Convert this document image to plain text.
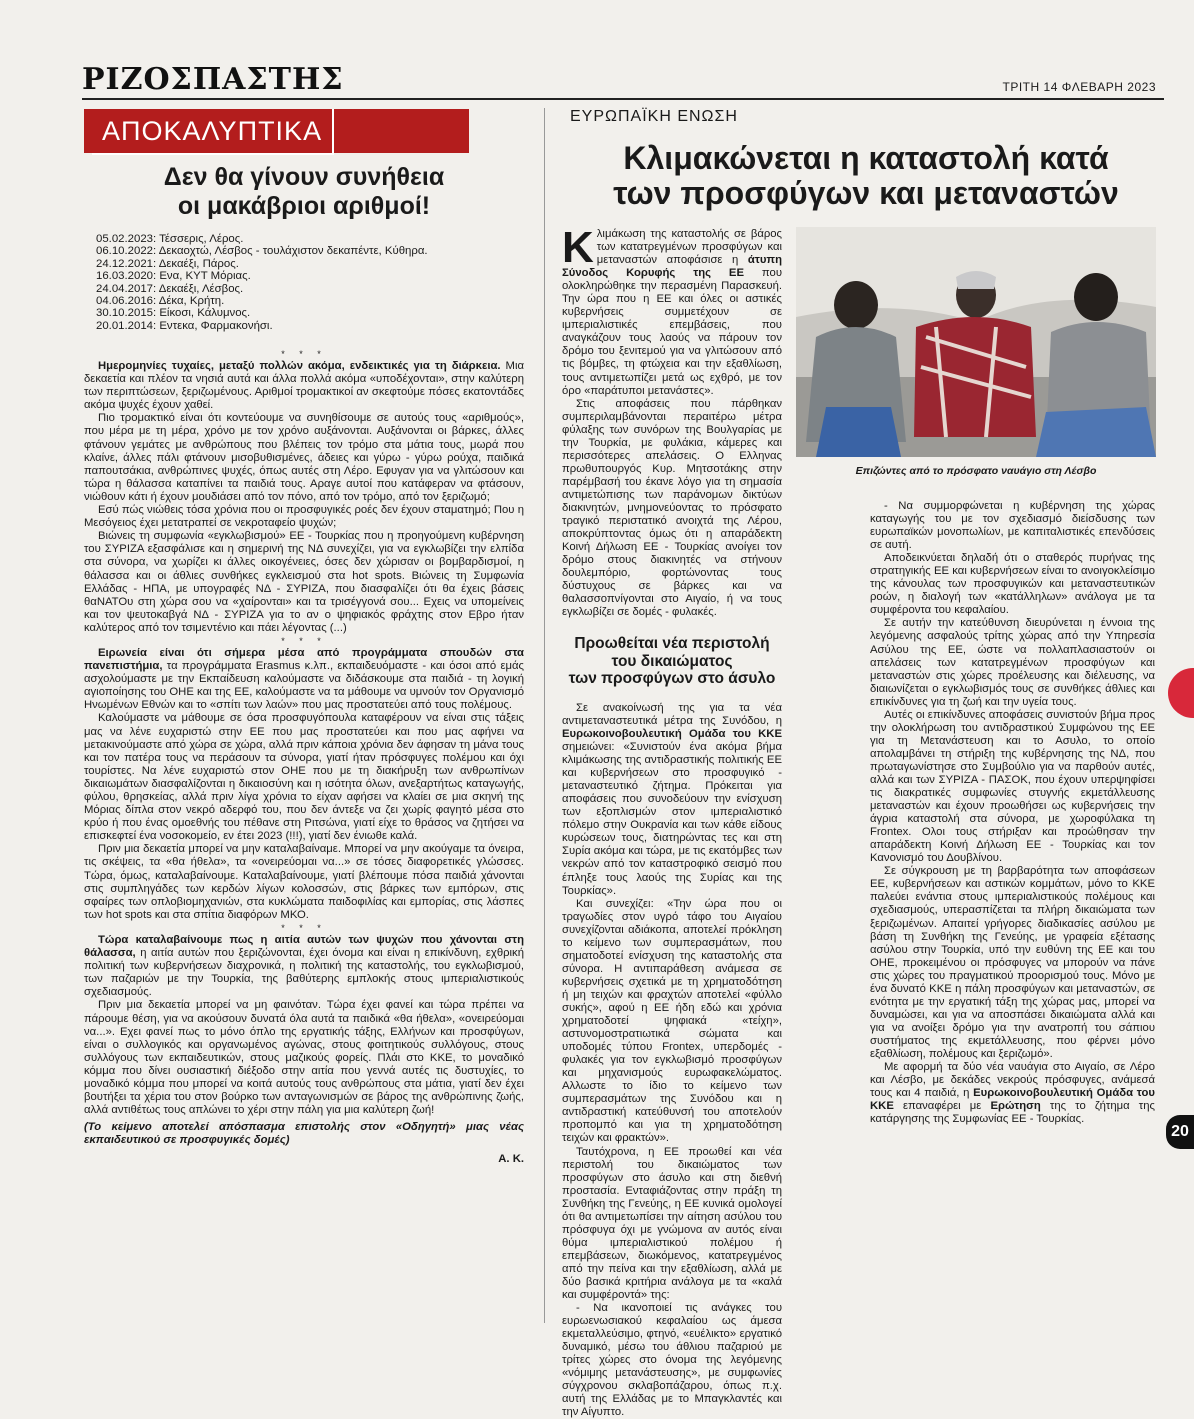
ΡΙΖΟΣΠΑΣΤΗΣ	ΤΡΙΤΗ 14 ΦΛΕΒΑΡΗ 2023
ΑΠΟΚΑΛΥΠΤΙΚΑ
Δεν θα γίνουν συνήθεια
οι μακάβριοι αριθμοί!
05.02.2023: Τέσσερις, Λέρος.
06.10.2022: Δεκαοχτώ, Λέσβος - τουλάχιστον δεκαπέντε, Κύθηρα.
24.12.2021: Δεκαέξι, Πάρος.
16.03.2020: Ενα, ΚΥΤ Μόριας.
24.04.2017: Δεκαέξι, Λέσβος.
04.06.2016: Δέκα, Κρήτη.
30.10.2015: Είκοσι, Κάλυμνος.
20.01.2014: Εντεκα, Φαρμακονήσι.
* * *

Ημερομηνίες τυχαίες, μεταξύ πολλών ακόμα, ενδεικτικές για τη διάρκεια. Μια δεκαετία και πλέον τα νησιά αυτά και άλλα πολλά ακόμα «υποδέχονται», στην καλύτερη των περιπτώσεων, ξεριζωμένους. Αριθμοί τρομακτικοί αν σκεφτούμε πόσες εκατοντάδες ακόμα ψυχές έχουν χαθεί.

Πιο τρομακτικό είναι ότι κοντεύουμε να συνηθίσουμε σε αυτούς τους «αριθμούς», που μέρα με τη μέρα, χρόνο με τον χρόνο αυξάνονται. Αυξάνονται οι βάρκες, άλλες φτάνουν γεμάτες με ανθρώπους που βλέπεις τον τρόμο στα μάτια τους, μωρά που κλαίνε, άλλες πάλι φτάνουν μισοβυθισμένες, άδειες και γύρω - γύρω ρούχα, παιδικά παπουτσάκια, ανθρώπινες ψυχές, όπως αυτές στη Λέρο. Εφυγαν για να γλιτώσουν και τώρα η θάλασσα καταπίνει τα παιδιά τους. Αραγε αυτοί που κατάφεραν να φτάσουν, νιώθουν κάτι ή έχουν μουδιάσει από τον πόνο, από τον τρόμο, από τον ξεριζωμό;

Εσύ πώς νιώθεις τόσα χρόνια που οι προσφυγικές ροές δεν έχουν σταματημό; Που η Μεσόγειος έχει μετατραπεί σε νεκροταφείο ψυχών;

Βιώνεις τη συμφωνία «εγκλωβισμού» ΕΕ - Τουρκίας που η προηγούμενη κυβέρνηση του ΣΥΡΙΖΑ εξασφάλισε και η σημερινή της ΝΔ συνεχίζει, για να εγκλωβίζει την ελπίδα στα σύνορα, να χωρίζει κι άλλες οικογένειες, όσες δεν χώρισαν οι βομβαρδισμοί, η θάλασσα και οι άθλιες συνθήκες εγκλεισμού στα hot spots. Βιώνεις τη Συμφωνία Ελλάδας - ΗΠΑ, με υπογραφές ΝΔ - ΣΥΡΙΖΑ, που διασφαλίζει ότι θα έχεις βάσεις θαΝΑΤΟυ στη χώρα σου να «χαίρονται» και τα τρισέγγονά σου... Εχεις να υπομείνεις και τον ψευτοκαβγά ΝΔ - ΣΥΡΙΖΑ για το αν ο ψηφιακός φράχτης στον Εβρο ήταν καλύτερος από τον τσιμεντένιο και πάει λέγοντας (...)

* * *

Ειρωνεία είναι ότι σήμερα μέσα από προγράμματα σπουδών στα πανεπιστήμια, τα προγράμματα Erasmus κ.λπ., εκπαιδευόμαστε - και όσοι από εμάς ασχολούμαστε με την Εκπαίδευση καλούμαστε να διδάσκουμε στα παιδιά - τη λογική αγιοποίησης του ΟΗΕ και της ΕΕ, καλούμαστε να τα μάθουμε να υμνούν τον Οργανισμό Ηνωμένων Εθνών και το «σπίτι των λαών» που μας προστατεύει από τους πολέμους.

Καλούμαστε να μάθουμε σε όσα προσφυγόπουλα καταφέρουν να είναι στις τάξεις μας να λένε ευχαριστώ στην ΕΕ που μας προστατεύει και που μας αφήνει να μετακινούμαστε από χώρα σε χώρα, αλλά πριν κάποια χρόνια δεν άφησαν τη μάνα τους και τον πατέρα τους να περάσουν τα σύνορα, γιατί ήταν πρόσφυγες πολέμου και όχι τουρίστες. Να λένε ευχαριστώ στον ΟΗΕ που με τη διακήρυξη των ανθρωπίνων δικαιωμάτων διασφαλίζονται η δικαιοσύνη και η ισότητα όλων, ανεξαρτήτως καταγωγής, φύλου, θρησκείας, αλλά πριν λίγα χρόνια το είχαν αφήσει να κλαίει σε μια σκηνή της Μόριας δίπλα στον νεκρό αδερφό του, που δεν άντεξε να ζει χωρίς φαγητό μέσα στο κρύο ή που ένας ομοεθνής του πέθανε στη Ριτσώνα, γιατί είχε το θράσος να ζητήσει να επισκεφτεί ένα νοσοκομείο, εν έτει 2023 (!!!), γιατί δεν ένιωθε καλά.

Πριν μια δεκαετία μπορεί να μην καταλαβαίναμε. Μπορεί να μην ακούγαμε τα όνειρα, τις σκέψεις, τα «θα ήθελα», τα «ονειρεύομαι να...» σε τόσες διαφορετικές γλώσσες. Τώρα, όμως, καταλαβαίνουμε. Καταλαβαίνουμε, γιατί βλέπουμε πόσα παιδιά χάνονται στις συμπληγάδες των κερδών λίγων κολοσσών, στις βάρκες των εμπόρων, στις σφαίρες των οπλοβιομηχανιών, στα κυκλώματα παιδοφιλίας και εμπορίας, στις λάσπες των hot spots και στα σπίτια διαφόρων ΜΚΟ.

* * *

Τώρα καταλαβαίνουμε πως η αιτία αυτών των ψυχών που χάνονται στη θάλασσα, η αιτία αυτών που ξεριζώνονται, έχει όνομα και είναι η επικίνδυνη, εχθρική πολιτική των κυβερνήσεων διαχρονικά, η πολιτική της καταστολής, του εγκλωβισμού, των παζαριών με την Τουρκία, της βαθύτερης εμπλοκής στους ιμπεριαλιστικούς σχεδιασμούς.

Πριν μια δεκαετία μπορεί να μη φαινόταν. Τώρα έχει φανεί και τώρα πρέπει να πάρουμε θέση, για να ακούσουν δυνατά όλα αυτά τα παιδικά «θα ήθελα», «ονειρεύομαι να...». Εχει φανεί πως το μόνο όπλο της εργατικής τάξης, Ελλήνων και προσφύγων, είναι ο συλλογικός και οργανωμένος αγώνας, στους φοιτητικούς συλλόγους, στους συλλόγους των εκπαιδευτικών, στους μαζικούς φορείς. Πλάι στο ΚΚΕ, το μοναδικό κόμμα που δίνει ουσιαστική διέξοδο στην αιτία που γεννά αυτές τις δυστυχίες, το μοναδικό κόμμα που μπορεί να κοιτά αυτούς τους ανθρώπους στα μάτια, γιατί δεν έχει βουτήξει τα χέρια του στον βούρκο των ανταγωνισμών σε βάρος της ανθρώπινης ζωής, αλλά αντιθέτως τους απλώνει το χέρι στην πάλη για μια καλύτερη ζωή!

(Το κείμενο αποτελεί απόσπασμα επιστολής στον «Οδηγητή» μιας νέας εκπαιδευτικού σε προσφυγικές δομές)
Α. Κ.
ΕΥΡΩΠΑΪΚΗ ΕΝΩΣΗ
Κλιμακώνεται η καταστολή κατά
των προσφύγων και μεταναστών
Επιζώντες από το πρόσφατο ναυάγιο στη Λέσβο

Κλιμάκωση της καταστολής σε βάρος των κατατρεγμένων προσφύγων και μεταναστών αποφάσισε η άτυπη Σύνοδος Κορυφής της ΕΕ που ολοκληρώθηκε την περασμένη Παρασκευή. Την ώρα που η ΕΕ και όλες οι αστικές κυβερνήσεις συμμετέχουν σε ιμπεριαλιστικές επεμβάσεις, που αναγκάζουν τους λαούς να πάρουν τον δρόμο του ξενιτεμού για να γλιτώσουν από τις βόμβες, τη φτώχεια και την εξαθλίωση, τους αντιμετωπίζει μετά ως εχθρό, με τον όρο «παράτυποι μετανάστες».

Στις αποφάσεις που πάρθηκαν συμπεριλαμβάνονται περαιτέρω μέτρα φύλαξης των συνόρων της Βουλγαρίας με την Τουρκία, με φυλάκια, κάμερες και περισσότερες απελάσεις. Ο Ελληνας πρωθυπουργός Κυρ. Μητσοτάκης στην παρέμβασή του έκανε λόγο για τη σημασία αντιμετώπισης των παράνομων δικτύων διακινητών, μνημονεύοντας το πρόσφατο τραγικό περιστατικό ανοιχτά της Λέρου, αποκρύπτοντας όμως ότι η απαράδεκτη Κοινή Δήλωση ΕΕ - Τουρκίας ανοίγει τον δρόμο στους διακινητές να στήνουν δουλεμπόριο, φορτώνοντας τους δύστυχους σε βάρκες και να θαλασσοπνίγονται στο Αιγαίο, ή να τους εγκλωβίζει σε δομές - φυλακές.

Προωθείται νέα περιστολή
του δικαιώματος
των προσφύγων στο άσυλο

Σε ανακοίνωσή της για τα νέα αντιμεταναστευτικά μέτρα της Συνόδου, η Ευρωκοινοβουλευτική Ομάδα του ΚΚΕ σημειώνει: «Συνιστούν ένα ακόμα βήμα κλιμάκωσης της αντιδραστικής πολιτικής ΕΕ και κυβερνήσεων στο προσφυγικό - μεταναστευτικό ζήτημα. Πρόκειται για αποφάσεις που συνοδεύουν την ενίσχυση των εξοπλισμών στον ιμπεριαλιστικό πόλεμο στην Ουκρανία και των κάθε είδους κυρώσεων τους, διατηρώντας τες και στη Συρία ακόμα και τώρα, με τις εκατόμβες των νεκρών από τον καταστροφικό σεισμό που έπληξε τους λαούς της Συρίας και της Τουρκίας».

Και συνεχίζει: «Την ώρα που οι τραγωδίες στον υγρό τάφο του Αιγαίου συνεχίζονται αδιάκοπα, αποτελεί πρόκληση το κείμενο των συμπερασμάτων, που σηματοδοτεί ενίσχυση της καταστολής στα σύνορα. Η αντιπαράθεση ανάμεσα σε κυβερνήσεις σχετικά με τη χρηματοδότηση ή μη τειχών και φραχτών αποτελεί «φύλλο συκής», αφού η ΕΕ ήδη εδώ και χρόνια χρηματοδοτεί ψηφιακά «τείχη», αστυνομοστρατιωτικά σώματα και υποδομές τύπου Frontex, υπερδομές - φυλακές για τον εγκλωβισμό προσφύγων και μηχανισμούς ευρωφακελώματος. Αλλωστε το ίδιο το κείμενο των συμπερασμάτων της Συνόδου και η αντιδραστική κατεύθυνσή του αποτελούν προπομπό και για τη χρηματοδότηση τειχών και φρακτών».

Ταυτόχρονα, η ΕΕ προωθεί και νέα περιστολή του δικαιώματος των προσφύγων στο άσυλο και στη διεθνή προστασία. Ενταφιάζοντας στην πράξη τη Συνθήκη της Γενεύης, η ΕΕ κυνικά ομολογεί ότι θα αντιμετωπίσει την αίτηση ασύλου του πρόσφυγα όχι με γνώμονα αν αυτός είναι θύμα ιμπεριαλιστικού πολέμου ή επεμβάσεων, διωκόμενος, κατατρεγμένος από την πείνα και την εξαθλίωση, αλλά με δύο βασικά κριτήρια ανάλογα με τα «καλά και συμφέροντά» της:

- Να ικανοποιεί τις ανάγκες του ευρωενωσιακού κεφαλαίου ως άμεσα εκμεταλλεύσιμο, φτηνό, «ευέλικτο» εργατικό δυναμικό, μέσω του άθλιου παζαριού με τρίτες χώρες στο όνομα της λεγόμενης «νόμιμης μετανάστευσης», με συμφωνίες σύγχρονου σκλαβοπάζαρου, όπως π.χ. αυτή της Ελλάδας με το Μπαγκλαντές και την Αίγυπτο.

- Να συμμορφώνεται η κυβέρνηση της χώρας καταγωγής του με τον σχεδιασμό διείσδυσης των ευρωπαϊκών μονοπωλίων, με καπιταλιστικές επενδύσεις σε αυτή.

Αποδεικνύεται δηλαδή ότι ο σταθερός πυρήνας της στρατηγικής ΕΕ και κυβερνήσεων είναι το ανοιγοκλείσιμο της κάνουλας των προσφυγικών και μεταναστευτικών ροών, η διαλογή των «κατάλληλων» ανάλογα με τα συμφέροντα του κεφαλαίου.

Σε αυτήν την κατεύθυνση διευρύνεται η έννοια της λεγόμενης ασφαλούς τρίτης χώρας από την Υπηρεσία Ασύλου της ΕΕ, ώστε να πολλαπλασιαστούν οι απελάσεις των κατατρεγμένων προσφύγων και μεταναστών στις χώρες προέλευσης και διέλευσης, να διαιωνίζεται ο εγκλωβισμός τους σε συνθήκες άθλιες και επικίνδυνες για τη ζωή και την υγεία τους.

Αυτές οι επικίνδυνες αποφάσεις συνιστούν βήμα προς την ολοκλήρωση του αντιδραστικού Συμφώνου της ΕΕ για τη Μετανάστευση και το Ασυλο, το οποίο απολαμβάνει τη στήριξη της κυβέρνησης της ΝΔ, που πρωταγωνίστησε στο Συμβούλιο για να παρθούν αυτές, αλλά και των ΣΥΡΙΖΑ - ΠΑΣΟΚ, που έχουν υπερψηφίσει τις διακρατικές συμφωνίες στυγνής εκμετάλλευσης μεταναστών και έχουν προωθήσει ως κυβερνήσεις την άγρια καταστολή στα σύνορα, με χωροφύλακα τη Frontex. Ολοι τους στήριξαν και προώθησαν την απαράδεκτη Κοινή Δήλωση ΕΕ - Τουρκίας και τον Κανονισμό του Δουβλίνου.

Σε σύγκρουση με τη βαρβαρότητα των αποφάσεων ΕΕ, κυβερνήσεων και αστικών κομμάτων, μόνο το ΚΚΕ παλεύει ενάντια στους ιμπεριαλιστικούς πολέμους και σχεδιασμούς, υπερασπίζεται τα πλήρη δικαιώματα των ξεριζωμένων. Απαιτεί γρήγορες διαδικασίες ασύλου με βάση τη Συνθήκη της Γενεύης, με γραφεία εξέτασης ασύλου στην Τουρκία, υπό την ευθύνη της ΕΕ και του ΟΗΕ, προκειμένου οι πρόσφυγες να μπορούν να πάνε στις χώρες του πραγματικού προορισμού τους. Μόνο με ένα δυνατό ΚΚΕ η πάλη προσφύγων και μεταναστών, σε ενότητα με την εργατική τάξη της χώρας μας, μπορεί να δυναμώσει, και για να αποσπάσει δικαιώματα αλλά και για να ανοίξει δρόμο για την ανατροπή του σάπιου συστήματος της εκμετάλλευσης, που φέρνει μόνο εξαθλίωση, πολέμους και ξεριζωμό».

Με αφορμή τα δύο νέα ναυάγια στο Αιγαίο, σε Λέρο και Λέσβο, με δεκάδες νεκρούς πρόσφυγες, ανάμεσά τους και 4 παιδιά, η Ευρωκοινοβουλευτική Ομάδα του ΚΚΕ επαναφέρει με Ερώτηση της το ζήτημα της κατάργησης της Συμφωνίας ΕΕ - Τουρκίας.

20
